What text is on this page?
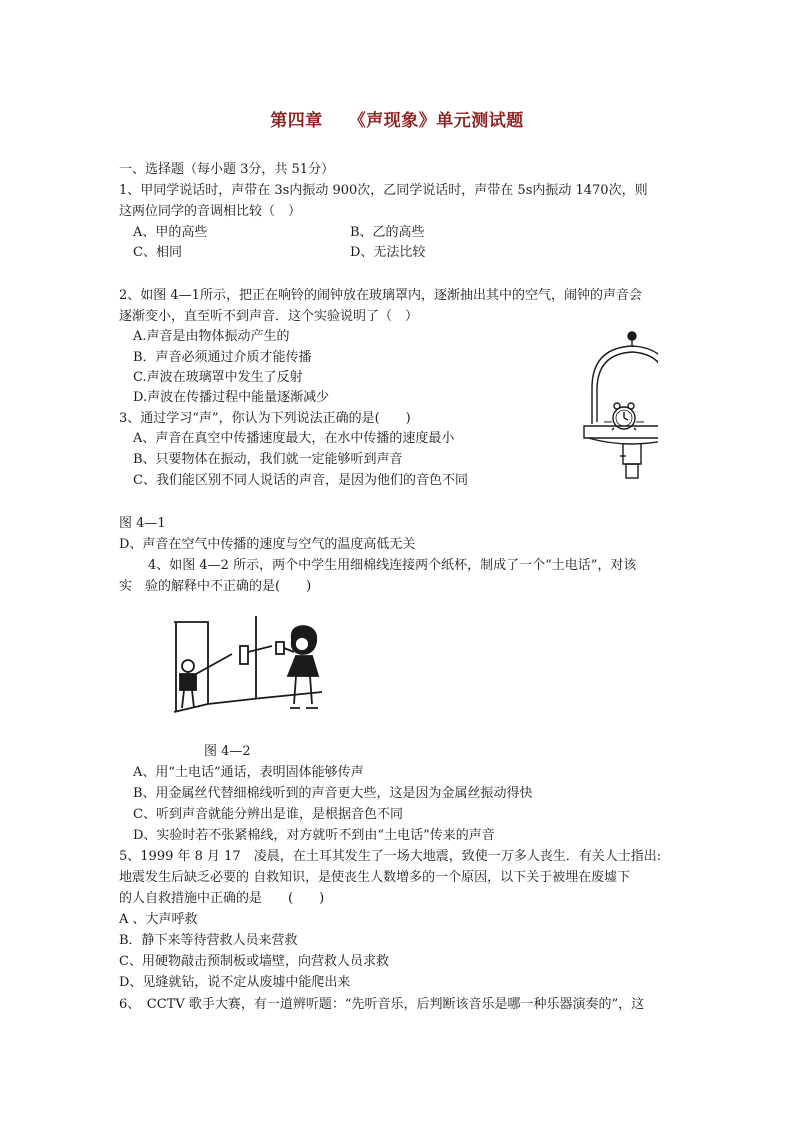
第四章 《声现象》单元测试题
一、选择题（每小题 3分，共 51分）
1、甲同学说话时，声带在 3s内振动 900次，乙同学说话时，声带在 5s内振动 1470次，则
这两位同学的音调相比较（　）
A、甲的高些	B、乙的高些
C、相同	D、无法比较
2、如图 4—1所示，把正在响铃的闹钟放在玻璃罩内，逐渐抽出其中的空气，闹钟的声音会
逐渐变小，直至听不到声音．这个实验说明了（　）
A.声音是由物体振动产生的
B．声音必须通过介质才能传播
C.声波在玻璃罩中发生了反射
D.声波在传播过程中能量逐渐减少
3、通过学习“声”，你认为下列说法正确的是(　　)
A、声音在真空中传播速度最大，在水中传播的速度最小
B、只要物体在振动，我们就一定能够听到声音
C、我们能区别不同人说话的声音，是因为他们的音色不同
图 4—1
D、声音在空气中传播的速度与空气的温度高低无关
4、如图 4—2 所示，两个中学生用细棉线连接两个纸杯，制成了一个“土电话”，对该
实　验的解释中不正确的是(　　)
图 4—2
A、用“土电话”通话，表明固体能够传声
B、用金属丝代替细棉线听到的声音更大些，这是因为金属丝振动得快
C、听到声音就能分辨出是谁，是根据音色不同
D、实验时若不张紧棉线，对方就听不到由“土电话”传来的声音
5、1999 年 8 月 17　凌晨，在土耳其发生了一场大地震，致使一万多人丧生．有关人士指出:
地震发生后缺乏必要的 自救知识，是使丧生人数增多的一个原因，以下关于被埋在废墟下
的人自救措施中正确的是　　(　　)
A 、大声呼救
B．静下来等待营救人员来营救
C、用硬物敲击预制板或墙壁，向营救人员求救
D、见缝就钻，说不定从废墟中能爬出来
6、　CCTV 歌手大赛，有一道辨听题：“先听音乐，后判断该音乐是哪一种乐器演奏的”，这
